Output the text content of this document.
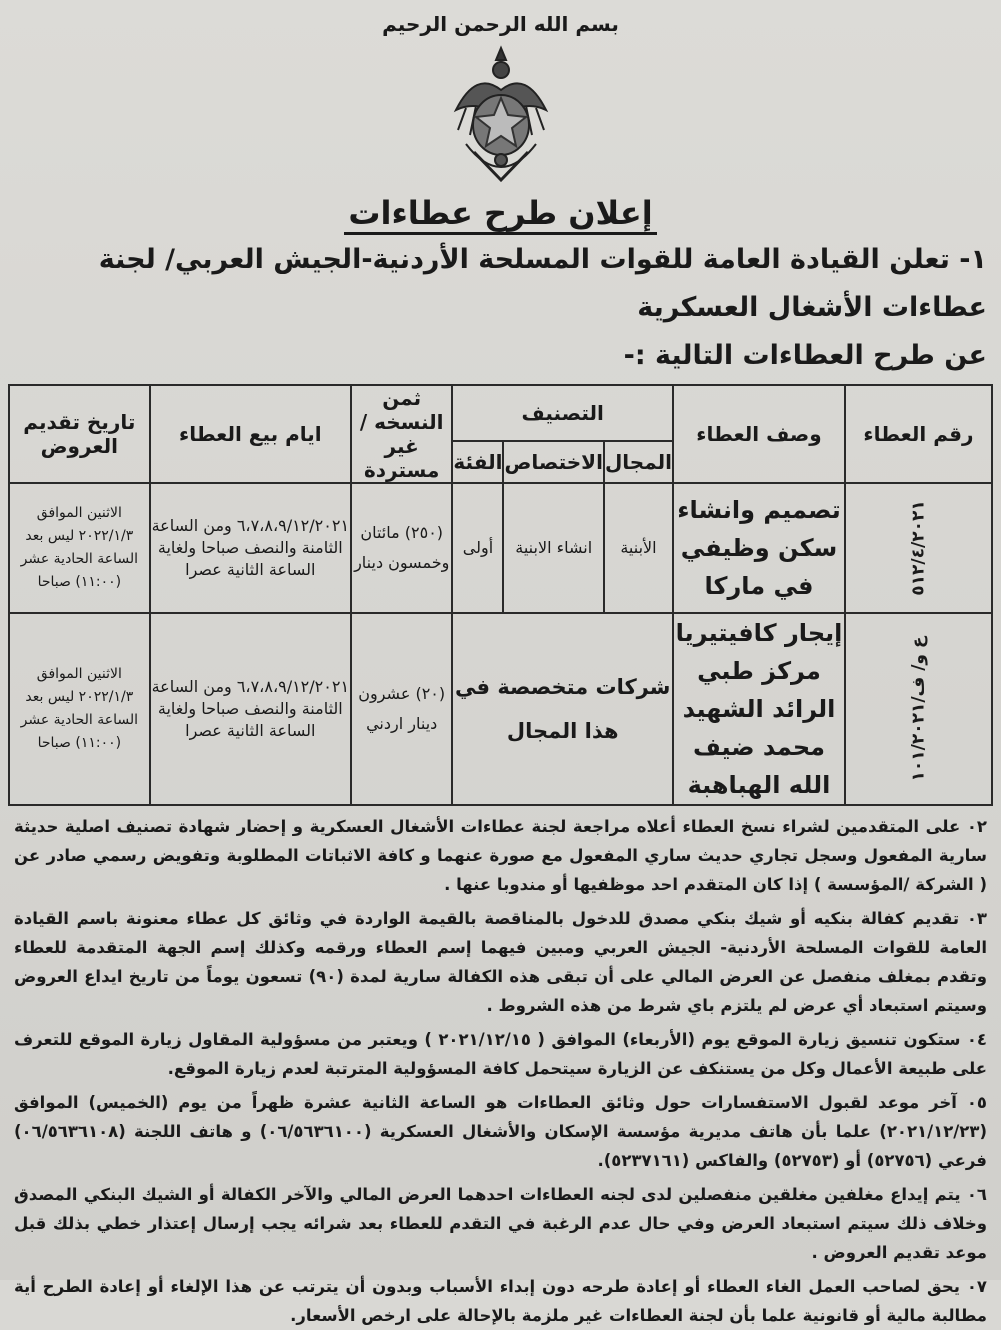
بسم الله الرحمن الرحيم
إعلان طرح عطاءات
١- تعلن القيادة العامة للقوات المسلحة الأردنية-الجيش العربي/ لجنة عطاءات الأشغال العسكرية
عن طرح العطاءات التالية :-
رقم العطاء	وصف العطاء	التصنيف			ثمن النسخه /غير مستردة	ايام بيع العطاء	تاريخ تقديم العروض
		المجال	الاختصاص	الفئة			
٥١٢/٤/٢٠٢١	تصميم وانشاء سكن وظيفي في ماركا	الأبنية	انشاء الابنية	أولى	(٢٥٠) مائتان وخمسون دينار	٦،٧،٨،٩/١٢/٢٠٢١ ومن الساعة الثامنة والنصف صباحا ولغاية الساعة الثانية عصرا	الاثنين الموافق ٢٠٢٢/١/٣ ليس بعد الساعة الحادية عشر (١١:٠٠) صباحا
ع و/ ف/١٠١/٢٠٢١	إيجار كافيتيريا مركز طبي الرائد الشهيد محمد ضيف الله الهباهبة	شركات متخصصة في هذا المجال			(٢٠) عشرون دينار اردني	٦،٧،٨،٩/١٢/٢٠٢١ ومن الساعة الثامنة والنصف صباحا ولغاية الساعة الثانية عصرا	الاثنين الموافق ٢٠٢٢/١/٣ ليس بعد الساعة الحادية عشر (١١:٠٠) صباحا

٠٢ على المتقدمين لشراء نسخ العطاء أعلاه مراجعة لجنة عطاءات الأشغال العسكرية و إحضار شهادة تصنيف اصلية حديثة سارية المفعول وسجل تجاري حديث ساري المفعول مع صورة عنهما و كافة الاثباتات المطلوبة وتفويض رسمي صادر عن ( الشركة /المؤسسة ) إذا كان المتقدم احد موظفيها أو مندوبا عنها .

٠٣ تقديم كفالة بنكيه أو شيك بنكي مصدق للدخول بالمناقصة بالقيمة الواردة في وثائق كل عطاء معنونة باسم القيادة العامة للقوات المسلحة الأردنية- الجيش العربي ومبين فيهما إسم العطاء ورقمه وكذلك إسم الجهة المتقدمة للعطاء وتقدم بمغلف منفصل عن العرض المالي على أن تبقى هذه الكفالة سارية لمدة (٩٠) تسعون يوماً من تاريخ ايداع العروض وسيتم استبعاد أي عرض لم يلتزم باي شرط من هذه الشروط .

٠٤ ستكون تنسيق زيارة الموقع يوم (الأربعاء) الموافق ( ٢٠٢١/١٢/١٥ ) ويعتبر من مسؤولية المقاول زيارة الموقع للتعرف على طبيعة الأعمال وكل من يستنكف عن الزيارة سيتحمل كافة المسؤولية المترتبة لعدم زيارة الموقع.

٠٥ آخر موعد لقبول الاستفسارات حول وثائق العطاءات هو الساعة الثانية عشرة ظهراً من يوم (الخميس) الموافق (٢٠٢١/١٢/٢٣) علما بأن هاتف مديرية مؤسسة الإسكان والأشغال العسكرية (٠٦/٥٦٣٦١٠٠) و هاتف اللجنة (٠٦/٥٦٣٦١٠٨) فرعي (٥٢٧٥٦) أو (٥٢٧٥٣) والفاكس (٥٢٣٧١٦١).

٠٦ يتم إيداع مغلفين مغلقين منفصلين لدى لجنه العطاءات احدهما العرض المالي والآخر الكفالة أو الشيك البنكي المصدق وخلاف ذلك سيتم استبعاد العرض وفي حال عدم الرغبة في التقدم للعطاء بعد شرائه يجب إرسال إعتذار خطي بذلك قبل موعد تقديم العروض .

٠٧ يحق لصاحب العمل الغاء العطاء أو إعادة طرحه دون إبداء الأسباب وبدون أن يترتب عن هذا الإلغاء أو إعادة الطرح أية مطالبة مالية أو قانونية علما بأن لجنة العطاءات غير ملزمة بالإحالة على ارخص الأسعار.
